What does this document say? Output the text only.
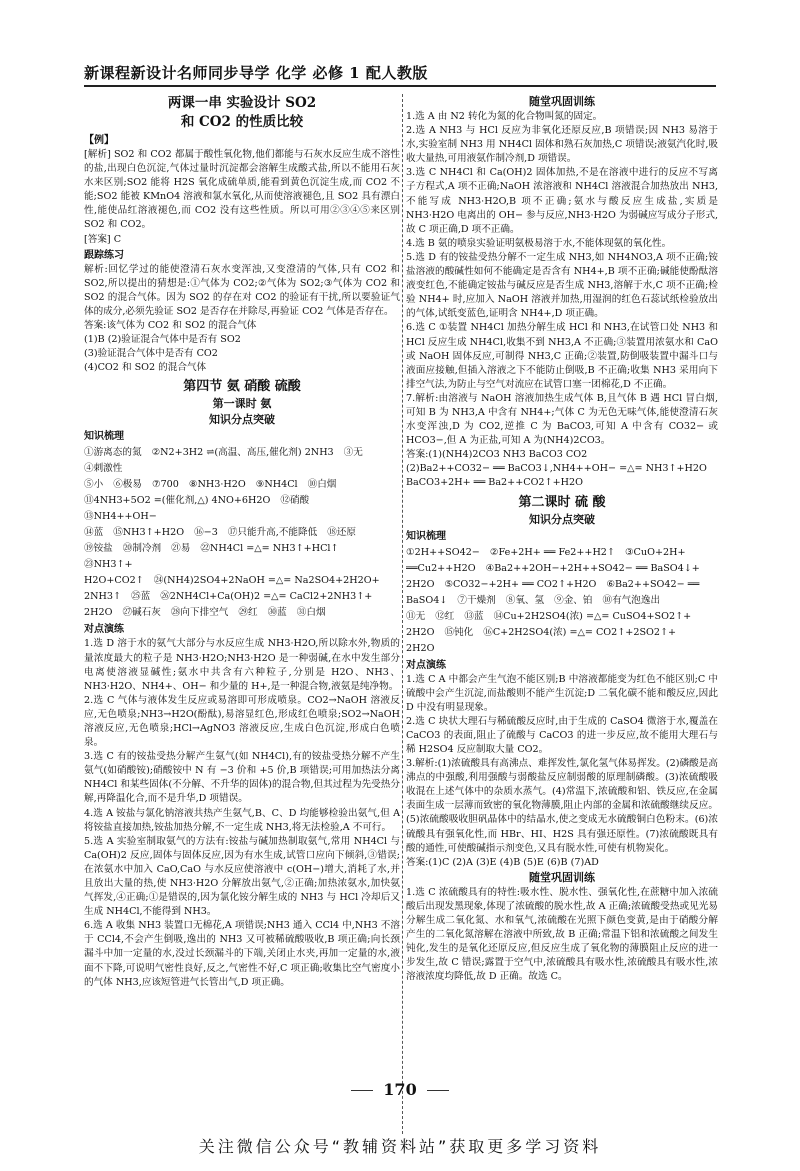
新课程新设计名师同步导学 化学 必修 1 配人教版

两课一串 实验设计 SO2

和 CO2 的性质比较

【例】

[解析] SO2 和 CO2 都属于酸性氧化物,他们都能与石灰水反应生成不溶性的盐,出现白色沉淀,气体过量时沉淀都会溶解生成酸式盐,所以不能用石灰水来区别;SO2 能将 H2S 氧化成硫单质,能看到黄色沉淀生成,而 CO2 不能;SO2 能被 KMnO4 溶液和氯水氧化,从而使溶液褪色,且 SO2 具有漂白性,能使品红溶液褪色,而 CO2 没有这些性质。所以可用②③④⑤来区别 SO2 和 CO2。

[答案] C

跟踪练习

解析:回忆学过的能使澄清石灰水变浑浊,又变澄清的气体,只有 CO2 和 SO2,所以提出的猜想是:①气体为 CO2;②气体为 SO2;③气体为 CO2 和 SO2 的混合气体。因为 SO2 的存在对 CO2 的验证有干扰,所以要验证气体的成分,必须先验证 SO2 是否存在并除尽,再验证 CO2 气体是否存在。

答案:该气体为 CO2 和 SO2 的混合气体

(1)B (2)验证混合气体中是否有 SO2

(3)验证混合气体中是否有 CO2

(4)CO2 和 SO2 的混合气体

第四节 氨 硝酸 硫酸

第一课时 氨

知识分点突破

知识梳理

①游离态的氮 ②N2+3H2 ⇌(高温、高压,催化剂) 2NH3 ③无
④刺激性
⑤小 ⑥极易 ⑦700 ⑧NH3·H2O ⑨NH4Cl ⑩白烟
⑪4NH3+5O2 =(催化剂,△) 4NO+6H2O ⑫硝酸
⑬NH4++OH−
⑭蓝 ⑮NH3↑+H2O ⑯−3 ⑰只能升高,不能降低 ⑱还原
⑲铵盐 ⑳制冷剂 ㉑易 ㉒NH4Cl =△= NH3↑+HCl↑
㉓NH3↑+
H2O+CO2↑ ㉔(NH4)2SO4+2NaOH =△= Na2SO4+2H2O+
2NH3↑ ㉕蓝 ㉖2NH4Cl+Ca(OH)2 =△= CaCl2+2NH3↑+
2H2O ㉗碱石灰 ㉘向下排空气 ㉙红 ㉚蓝 ㉛白烟

对点演练

1.选 D 溶于水的氨气大部分与水反应生成 NH3·H2O,所以除水外,物质的量浓度最大的粒子是 NH3·H2O;NH3·H2O 是一种弱碱,在水中发生部分电离使溶液显碱性;氨水中共含有六种粒子,分别是 H2O、NH3、NH3·H2O、NH4+、OH− 和少量的 H+,是一种混合物,液氨是纯净物。

2.选 C 气体与液体发生反应或易溶即可形成喷泉。CO2→NaOH 溶液反应,无色喷泉;NH3→H2O(酚酞),易溶显红色,形成红色喷泉;SO2→NaOH 溶液反应,无色喷泉;HCl→AgNO3 溶液反应,生成白色沉淀,形成白色喷泉。

3.选 C 有的铵盐受热分解产生氨气(如 NH4Cl),有的铵盐受热分解不产生氨气(如硝酸铵);硝酸铵中 N 有 −3 价和 +5 价,B 项错误;可用加热法分离 NH4Cl 和某些固体(不分解、不升华的固体)的混合物,但其过程为先受热分解,再降温化合,而不是升华,D 项错误。

4.选 A 铵盐与氯化钠溶液共热产生氨气,B、C、D 均能够检验出氨气,但 A 将铵盐直接加热,铵盐加热分解,不一定生成 NH3,将无法检验,A 不可行。

5.选 A 实验室制取氨气的方法有:铵盐与碱加热制取氨气,常用 NH4Cl 与 Ca(OH)2 反应,固体与固体反应,因为有水生成,试管口应向下倾斜,③错误;在浓氨水中加入 CaO,CaO 与水反应使溶液中 c(OH−)增大,消耗了水,并且放出大量的热,使 NH3·H2O 分解放出氨气,②正确;加热浓氨水,加快氨气挥发,④正确;①是错误的,因为氯化铵分解生成的 NH3 与 HCl 冷却后又生成 NH4Cl,不能得到 NH3。

6.选 A 收集 NH3 装置口无棉花,A 项错误;NH3 通入 CCl4 中,NH3 不溶于 CCl4,不会产生倒吸,逸出的 NH3 又可被稀硫酸吸收,B 项正确;向长颈漏斗中加一定量的水,没过长颈漏斗的下端,关闭止水夹,再加一定量的水,液面不下降,可说明气密性良好,反之,气密性不好,C 项正确;收集比空气密度小的气体 NH3,应该短管进气长管出气,D 项正确。

随堂巩固训练

1.选 A 由 N2 转化为氮的化合物叫氮的固定。

2.选 A NH3 与 HCl 反应为非氧化还原反应,B 项错误;因 NH3 易溶于水,实验室制 NH3 用 NH4Cl 固体和熟石灰加热,C 项错误;液氨汽化时,吸收大量热,可用液氨作制冷剂,D 项错误。

3.选 C NH4Cl 和 Ca(OH)2 固体加热,不是在溶液中进行的反应不写离子方程式,A 项不正确;NaOH 浓溶液和 NH4Cl 溶液混合加热放出 NH3,不能写成 NH3·H2O,B 项不正确;氨水与酸反应生成盐,实质是 NH3·H2O 电离出的 OH− 参与反应,NH3·H2O 为弱碱应写成分子形式,故 C 项正确,D 项不正确。

4.选 B 氨的喷泉实验证明氨极易溶于水,不能体现氨的氧化性。

5.选 D 有的铵盐受热分解不一定生成 NH3,如 NH4NO3,A 项不正确;铵盐溶液的酸碱性如何不能确定是否含有 NH4+,B 项不正确;碱能使酚酞溶液变红色,不能确定铵盐与碱反应是否生成 NH3,溶解于水,C 项不正确;检验 NH4+ 时,应加入 NaOH 溶液并加热,用湿润的红色石蕊试纸检验放出的气体,试纸变蓝色,证明含 NH4+,D 项正确。

6.选 C ①装置 NH4Cl 加热分解生成 HCl 和 NH3,在试管口处 NH3 和 HCl 反应生成 NH4Cl,收集不到 NH3,A 不正确;③装置用浓氨水和 CaO 或 NaOH 固体反应,可制得 NH3,C 正确;②装置,防倒吸装置中漏斗口与液面应接触,但插入溶液之下不能防止倒吸,B 不正确;收集 NH3 采用向下排空气法,为防止与空气对流应在试管口塞一团棉花,D 不正确。

7.解析:由溶液与 NaOH 溶液加热生成气体 B,且气体 B 遇 HCl 冒白烟,可知 B 为 NH3,A 中含有 NH4+;气体 C 为无色无味气体,能使澄清石灰水变浑浊,D 为 CO2,逆推 C 为 BaCO3,可知 A 中含有 CO32− 或 HCO3−,但 A 为正盐,可知 A 为(NH4)2CO3。

答案:(1)(NH4)2CO3 NH3 BaCO3 CO2

(2)Ba2++CO32− ══ BaCO3↓,NH4++OH− =△= NH3↑+H2O

BaCO3+2H+ ══ Ba2++CO2↑+H2O

第二课时 硫 酸

知识分点突破

知识梳理

①2H++SO42− ②Fe+2H+ ══ Fe2++H2↑ ③CuO+2H+
══Cu2++H2O ④Ba2++2OH−+2H++SO42− ══ BaSO4↓+
2H2O ⑤CO32−+2H+ ══ CO2↑+H2O ⑥Ba2++SO42− ══
BaSO4↓ ⑦干燥剂 ⑧氧、氢 ⑨金、铂 ⑩有气泡逸出
⑪无 ⑫红 ⑬蓝 ⑭Cu+2H2SO4(浓) =△= CuSO4+SO2↑+
2H2O ⑮钝化 ⑯C+2H2SO4(浓) =△= CO2↑+2SO2↑+
2H2O

对点演练

1.选 C A 中都会产生气泡不能区别;B 中溶液都能变为红色不能区别;C 中硫酸中会产生沉淀,而盐酸则不能产生沉淀;D 二氧化碳不能和酸反应,因此 D 中没有明显现象。

2.选 C 块状大理石与稀硫酸反应时,由于生成的 CaSO4 微溶于水,覆盖在 CaCO3 的表面,阻止了硫酸与 CaCO3 的进一步反应,故不能用大理石与稀 H2SO4 反应制取大量 CO2。

3.解析:(1)浓硫酸具有高沸点、难挥发性,氯化氢气体易挥发。(2)磷酸是高沸点的中强酸,利用强酸与弱酸盐反应制弱酸的原理制磷酸。(3)浓硫酸吸收混在上述气体中的杂质水蒸气。(4)常温下,浓硫酸和铝、铁反应,在金属表面生成一层薄而致密的氧化物薄膜,阻止内部的金属和浓硫酸继续反应。(5)浓硫酸吸收胆矾晶体中的结晶水,使之变成无水硫酸铜白色粉末。(6)浓硫酸具有强氧化性,而 HBr、HI、H2S 具有强还原性。(7)浓硫酸既具有酸的通性,可使酸碱指示剂变色,又具有脱水性,可使有机物炭化。

答案:(1)C (2)A (3)E (4)B (5)E (6)B (7)AD

随堂巩固训练

1.选 C 浓硫酸具有的特性:吸水性、脱水性、强氧化性,在蔗糖中加入浓硫酸后出现发黑现象,体现了浓硫酸的脱水性,故 A 正确;浓硫酸受热或见光易分解生成二氧化氮、水和氧气,浓硫酸在光照下颜色变黄,是由于硝酸分解产生的二氧化氮溶解在溶液中所致,故 B 正确;常温下铝和浓硫酸之间发生钝化,发生的是氧化还原反应,但反应生成了氧化物的薄膜阻止反应的进一步发生,故 C 错误;露置于空气中,浓硫酸具有吸水性,浓硫酸具有吸水性,浓溶液浓度均降低,故 D 正确。故选 C。

170
关注微信公众号“教辅资料站”获取更多学习资料
